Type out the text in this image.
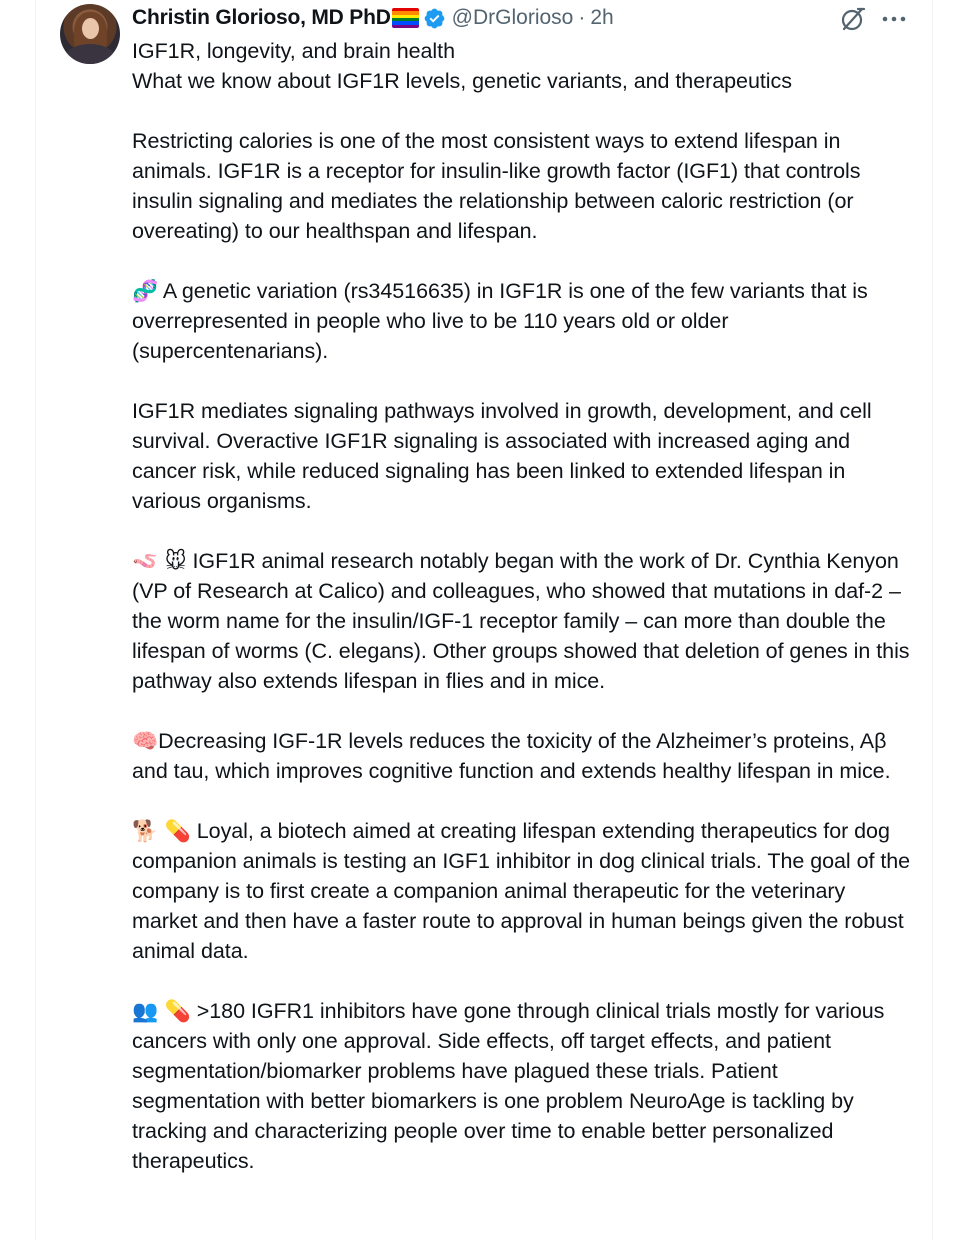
Christin Glorioso, MD PhD	@DrGlorioso · 2h

IGF1R, longevity, and brain health

What we know about IGF1R levels, genetic variants, and therapeutics

Restricting calories is one of the most consistent ways to extend lifespan in animals. IGF1R is a receptor for insulin-like growth factor (IGF1) that controls insulin signaling and mediates the relationship between caloric restriction (or overeating) to our healthspan and lifespan.

🧬 A genetic variation (rs34516635) in IGF1R is one of the few variants that is overrepresented in people who live to be 110 years old or older (supercentenarians).

IGF1R mediates signaling pathways involved in growth, development, and cell survival. Overactive IGF1R signaling is associated with increased aging and cancer risk, while reduced signaling has been linked to extended lifespan in various organisms.

🪱 🐭 IGF1R animal research notably began with the work of Dr. Cynthia Kenyon (VP of Research at Calico) and colleagues, who showed that mutations in daf-2 – the worm name for the insulin/IGF-1 receptor family – can more than double the lifespan of worms (C. elegans). Other groups showed that deletion of genes in this pathway also extends lifespan in flies and in mice.

🧠Decreasing IGF-1R levels reduces the toxicity of the Alzheimer’s proteins, Aβ and tau, which improves cognitive function and extends healthy lifespan in mice.

🐕 💊 Loyal, a biotech aimed at creating lifespan extending therapeutics for dog companion animals is testing an IGF1 inhibitor in dog clinical trials. The goal of the company is to first create a companion animal therapeutic for the veterinary market and then have a faster route to approval in human beings given the robust animal data.

👥 💊 >180 IGFR1 inhibitors have gone through clinical trials mostly for various cancers with only one approval. Side effects, off target effects, and patient segmentation/biomarker problems have plagued these trials. Patient segmentation with better biomarkers is one problem NeuroAge is tackling by tracking and characterizing people over time to enable better personalized therapeutics.
